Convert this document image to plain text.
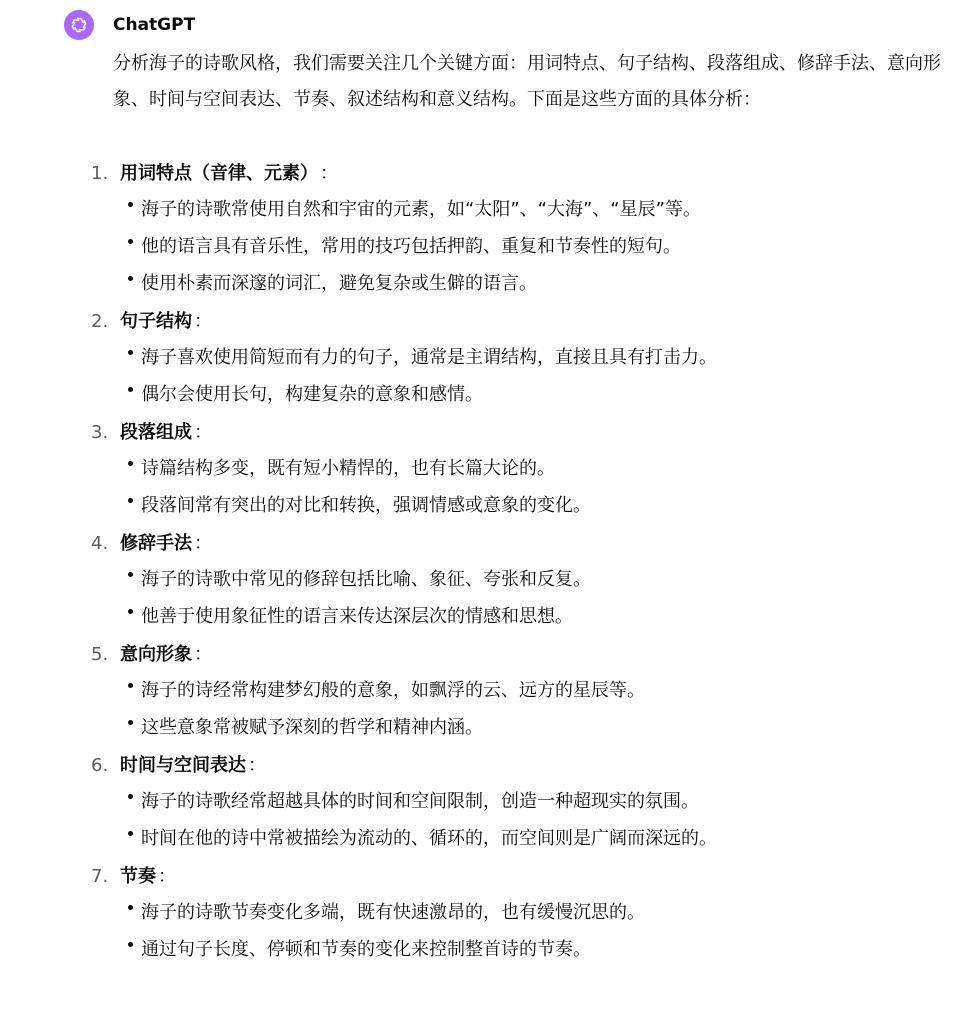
ChatGPT

分析海子的诗歌风格，我们需要关注几个关键方面：用词特点、句子结构、段落组成、修辞手法、意向形象、时间与空间表达、节奏、叙述结构和意义结构。下面是这些方面的具体分析：

1. 用词特点（音律、元素） ：
海子的诗歌常使用自然和宇宙的元素，如“太阳”、“大海”、“星辰”等。
他的语言具有音乐性，常用的技巧包括押韵、重复和节奏性的短句。
使用朴素而深邃的词汇，避免复杂或生僻的语言。
2. 句子结构 ：
海子喜欢使用简短而有力的句子，通常是主谓结构，直接且具有打击力。
偶尔会使用长句，构建复杂的意象和感情。
3. 段落组成 ：
诗篇结构多变，既有短小精悍的，也有长篇大论的。
段落间常有突出的对比和转换，强调情感或意象的变化。
4. 修辞手法 ：
海子的诗歌中常见的修辞包括比喻、象征、夸张和反复。
他善于使用象征性的语言来传达深层次的情感和思想。
5. 意向形象 ：
海子的诗经常构建梦幻般的意象，如飘浮的云、远方的星辰等。
这些意象常被赋予深刻的哲学和精神内涵。
6. 时间与空间表达 ：
海子的诗歌经常超越具体的时间和空间限制，创造一种超现实的氛围。
时间在他的诗中常被描绘为流动的、循环的，而空间则是广阔而深远的。
7. 节奏 ：
海子的诗歌节奏变化多端，既有快速激昂的，也有缓慢沉思的。
通过句子长度、停顿和节奏的变化来控制整首诗的节奏。
